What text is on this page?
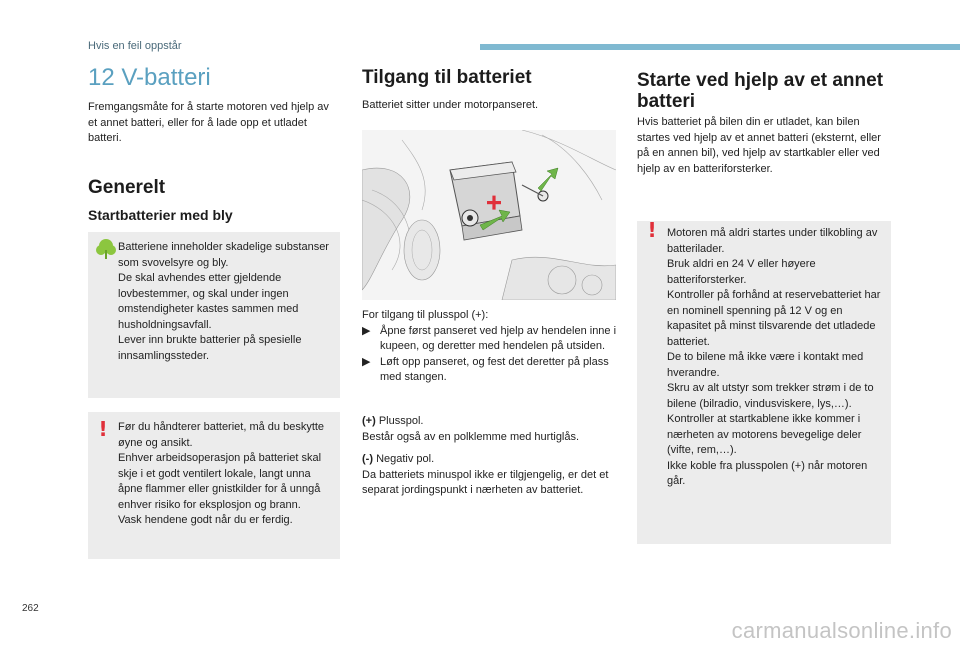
Hvis en feil oppstår
12 V-batteri
Fremgangsmåte for å starte motoren ved hjelp av et annet batteri, eller for å lade opp et utladet batteri.
Generelt
Startbatterier med bly

Batteriene inneholder skadelige substanser som svovelsyre og bly.

De skal avhendes etter gjeldende lovbestemmer, og skal under ingen omstendigheter kastes sammen med husholdningsavfall.

Lever inn brukte batterier på spesielle innsamlingssteder.

! Før du håndterer batteriet, må du beskytte øyne og ansikt.

Enhver arbeidsoperasjon på batteriet skal skje i et godt ventilert lokale, langt unna åpne flammer eller gnistkilder for å unngå enhver risiko for eksplosjon og brann.

Vask hendene godt når du er ferdig.

Tilgang til batteriet
Batteriet sitter under motorpanseret.

For tilgang til plusspol (+):

▶ Åpne først panseret ved hjelp av hendelen inne i kupeen, og deretter med hendelen på utsiden.
▶ Løft opp panseret, og fest det deretter på plass med stangen.

(+) Plusspol.

Består også av en polklemme med hurtiglås.

(-) Negativ pol.

Da batteriets minuspol ikke er tilgjengelig, er det et separat jordingspunkt i nærheten av batteriet.

Starte ved hjelp av et annet batteri
Hvis batteriet på bilen din er utladet, kan bilen startes ved hjelp av et annet batteri (eksternt, eller på en annen bil), ved hjelp av startkabler eller ved hjelp av en batteriforsterker.
! Motoren må aldri startes under tilkobling av batterilader.

Bruk aldri en 24 V eller høyere batteriforsterker.

Kontroller på forhånd at reservebatteriet har en nominell spenning på 12 V og en kapasitet på minst tilsvarende det utladede batteriet.

De to bilene må ikke være i kontakt med hverandre.

Skru av alt utstyr som trekker strøm i de to bilene (bilradio, vindusviskere, lys,…).

Kontroller at startkablene ikke kommer i nærheten av motorens bevegelige deler (vifte, rem,…).

Ikke koble fra plusspolen (+) når motoren går.

262
carmanualsonline.info
